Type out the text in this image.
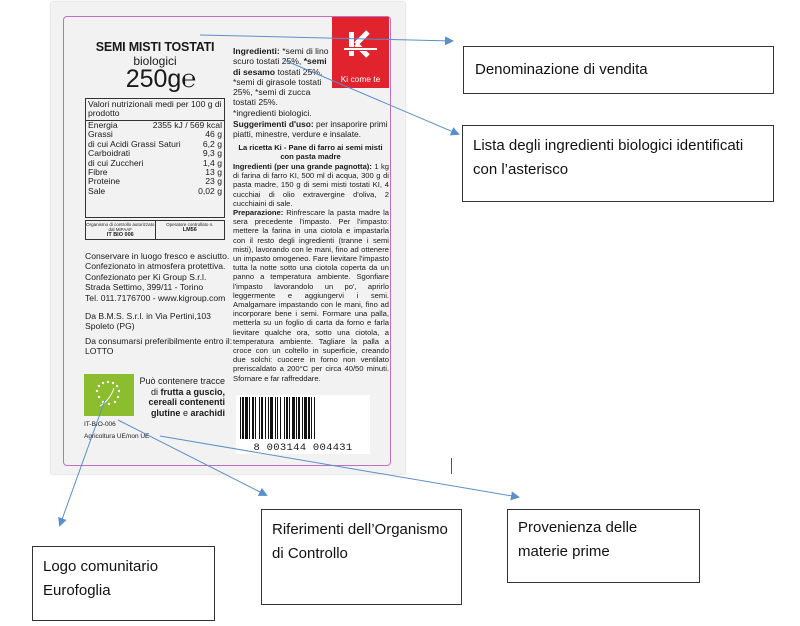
SEMI MISTI TOSTATI
biologici
250g℮
Valori nutrizionali medi per 100 g di prodotto
Energia	2355 kJ / 569 kcal
Grassi	46 g
di cui Acidi Grassi Saturi	6,2 g
Carboidrati	9,3 g
di cui Zuccheri	1,4 g
Fibre	13 g
Proteine	23 g
Sale	0,02 g
Organismo di controllo autorizzato dal MiPAAF
IT BIO 006
Operatore controllato n.
LM56
Conservare in luogo fresco e asciutto.
Confezionato in atmosfera protettiva.
Confezionato per Ki Group S.r.l.
Strada Settimo, 399/11 - Torino
Tel. 011.7176700 - www.kigroup.com
Da B.M.S. S.r.l. in Via Pertini,103
Spoleto (PG)
Da consumarsi preferibilmente entro il:
LOTTO
Può contenere tracce di frutta a guscio, cereali contenenti glutine e arachidi
IT-BIO-006
Agricoltura UE/non UE
Ki come te
Ingredienti: *semi di lino scuro tostati 25%, *semi di sesamo tostati 25%, *semi di girasole tostati 25%, *semi di zucca tostati 25%.
*ingredienti biologici.
Suggerimenti d'uso: per insaporire primi piatti, minestre, verdure e insalate.
La ricetta Ki - Pane di farro ai semi misti con pasta madre
Ingredienti (per una grande pagnotta): 1 kg di farina di farro KI, 500 ml di acqua, 300 g di pasta madre, 150 g di semi misti tostati KI, 4 cucchiai di olio extravergine d'oliva, 2 cucchiaini di sale.
Preparazione: Rinfrescare la pasta madre la sera precedente l'impasto. Per l'impasto: mettere la farina in una ciotola e impastarla con il resto degli ingredienti (tranne i semi misti), lavorando con le mani, fino ad ottenere un impasto omogeneo. Fare lievitare l'impasto tutta la notte sotto una ciotola coperta da un panno a temperatura ambiente. Sgonfiare l'impasto lavorandolo un po', aprirlo leggermente e aggiungervi i semi. Amalgamare impastando con le mani, fino ad incorporare bene i semi. Formare una palla, metterla su un foglio di carta da forno e farla lievitare qualche ora, sotto una ciotola, a temperatura ambiente. Tagliare la palla a croce con un coltello in superficie, creando due solchi: cuocere in forno non ventilato preriscaldato a 200°C per circa 40/50 minuti. Sfornare e far raffreddare.
8 003144 004431
Denominazione di vendita
Lista degli ingredienti biologici identificati con l’asterisco
Logo comunitario Eurofoglia
Riferimenti dell’Organismo di Controllo
Provenienza delle materie prime
